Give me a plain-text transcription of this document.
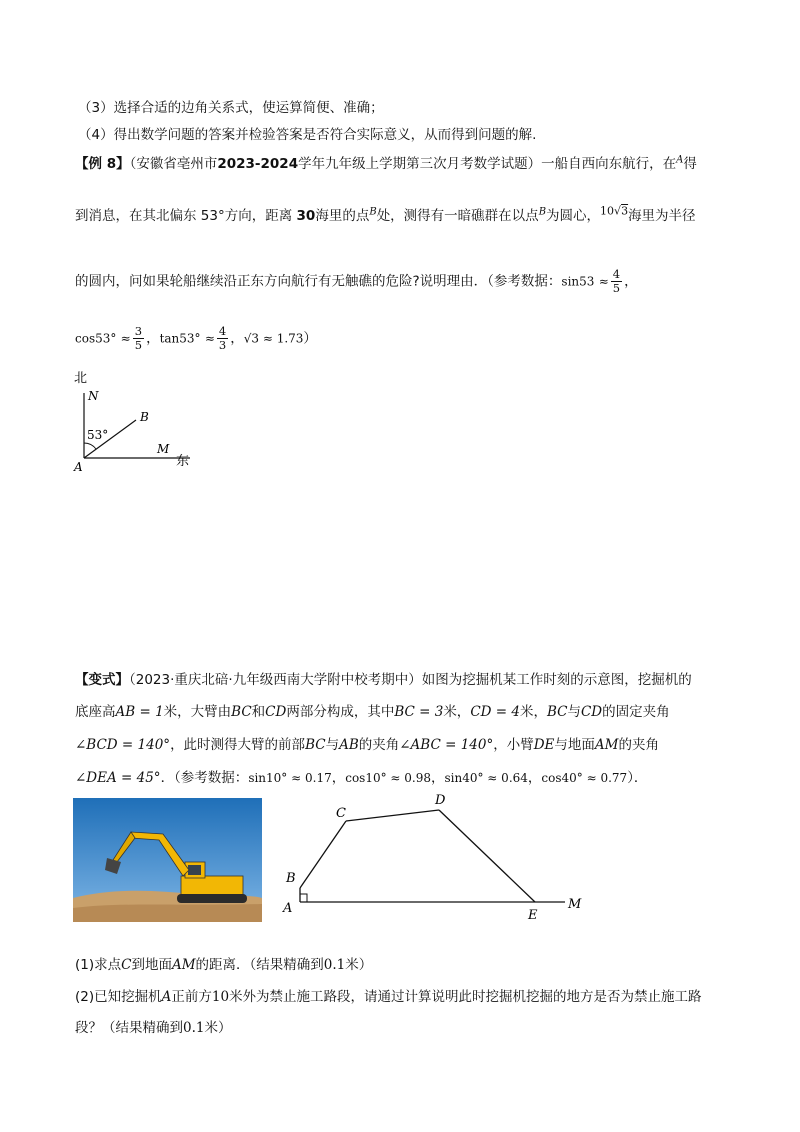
（3）选择合适的边角关系式，使运算简便、准确；
（4）得出数学问题的答案并检验答案是否符合实际意义，从而得到问题的解.
【例 8】（安徽省亳州市2023-2024学年九年级上学期第三次月考数学试题）一船自西向东航行，在$^A$得
到消息，在其北偏东 53°方向，距离 30海里的点$^B$处，测得有一暗礁群在以点$^B$为圆心，$^{10√3}$海里为半径
的圆内，问如果轮船继续沿正东方向航行有无触礁的危险?说明理由．（参考数据：$\sin 53 \approx \frac{4}{5}$ ，
$\cos 53^\circ \approx \frac{3}{5}$ ，$\tan 53^\circ \approx \frac{4}{3}$ ，√3 ≈ 1.73）
北
N
B
53°
A
M
东
【变式】（2023·重庆北碚·九年级西南大学附中校考期中）如图为挖掘机某工作时刻的示意图，挖掘机的
底座高AB = 1米，大臂由BC和CD两部分构成，其中BC = 3米，CD = 4米，BC与CD的固定夹角
∠BCD = 140°，此时测得大臂的前部BC与AB的夹角∠ABC = 140°，小臂DE与地面AM的夹角
∠DEA = 45°．（参考数据：sin10° ≈ 0.17，cos10° ≈ 0.98，sin40° ≈ 0.64，cos40° ≈ 0.77）．
C
D
B
A	E
M
(1)求点C到地面AM的距离．（结果精确到0.1米）
(2)已知挖掘机A正前方10米外为禁止施工路段，请通过计算说明此时挖掘机挖掘的地方是否为禁止施工路
段？（结果精确到0.1米）
